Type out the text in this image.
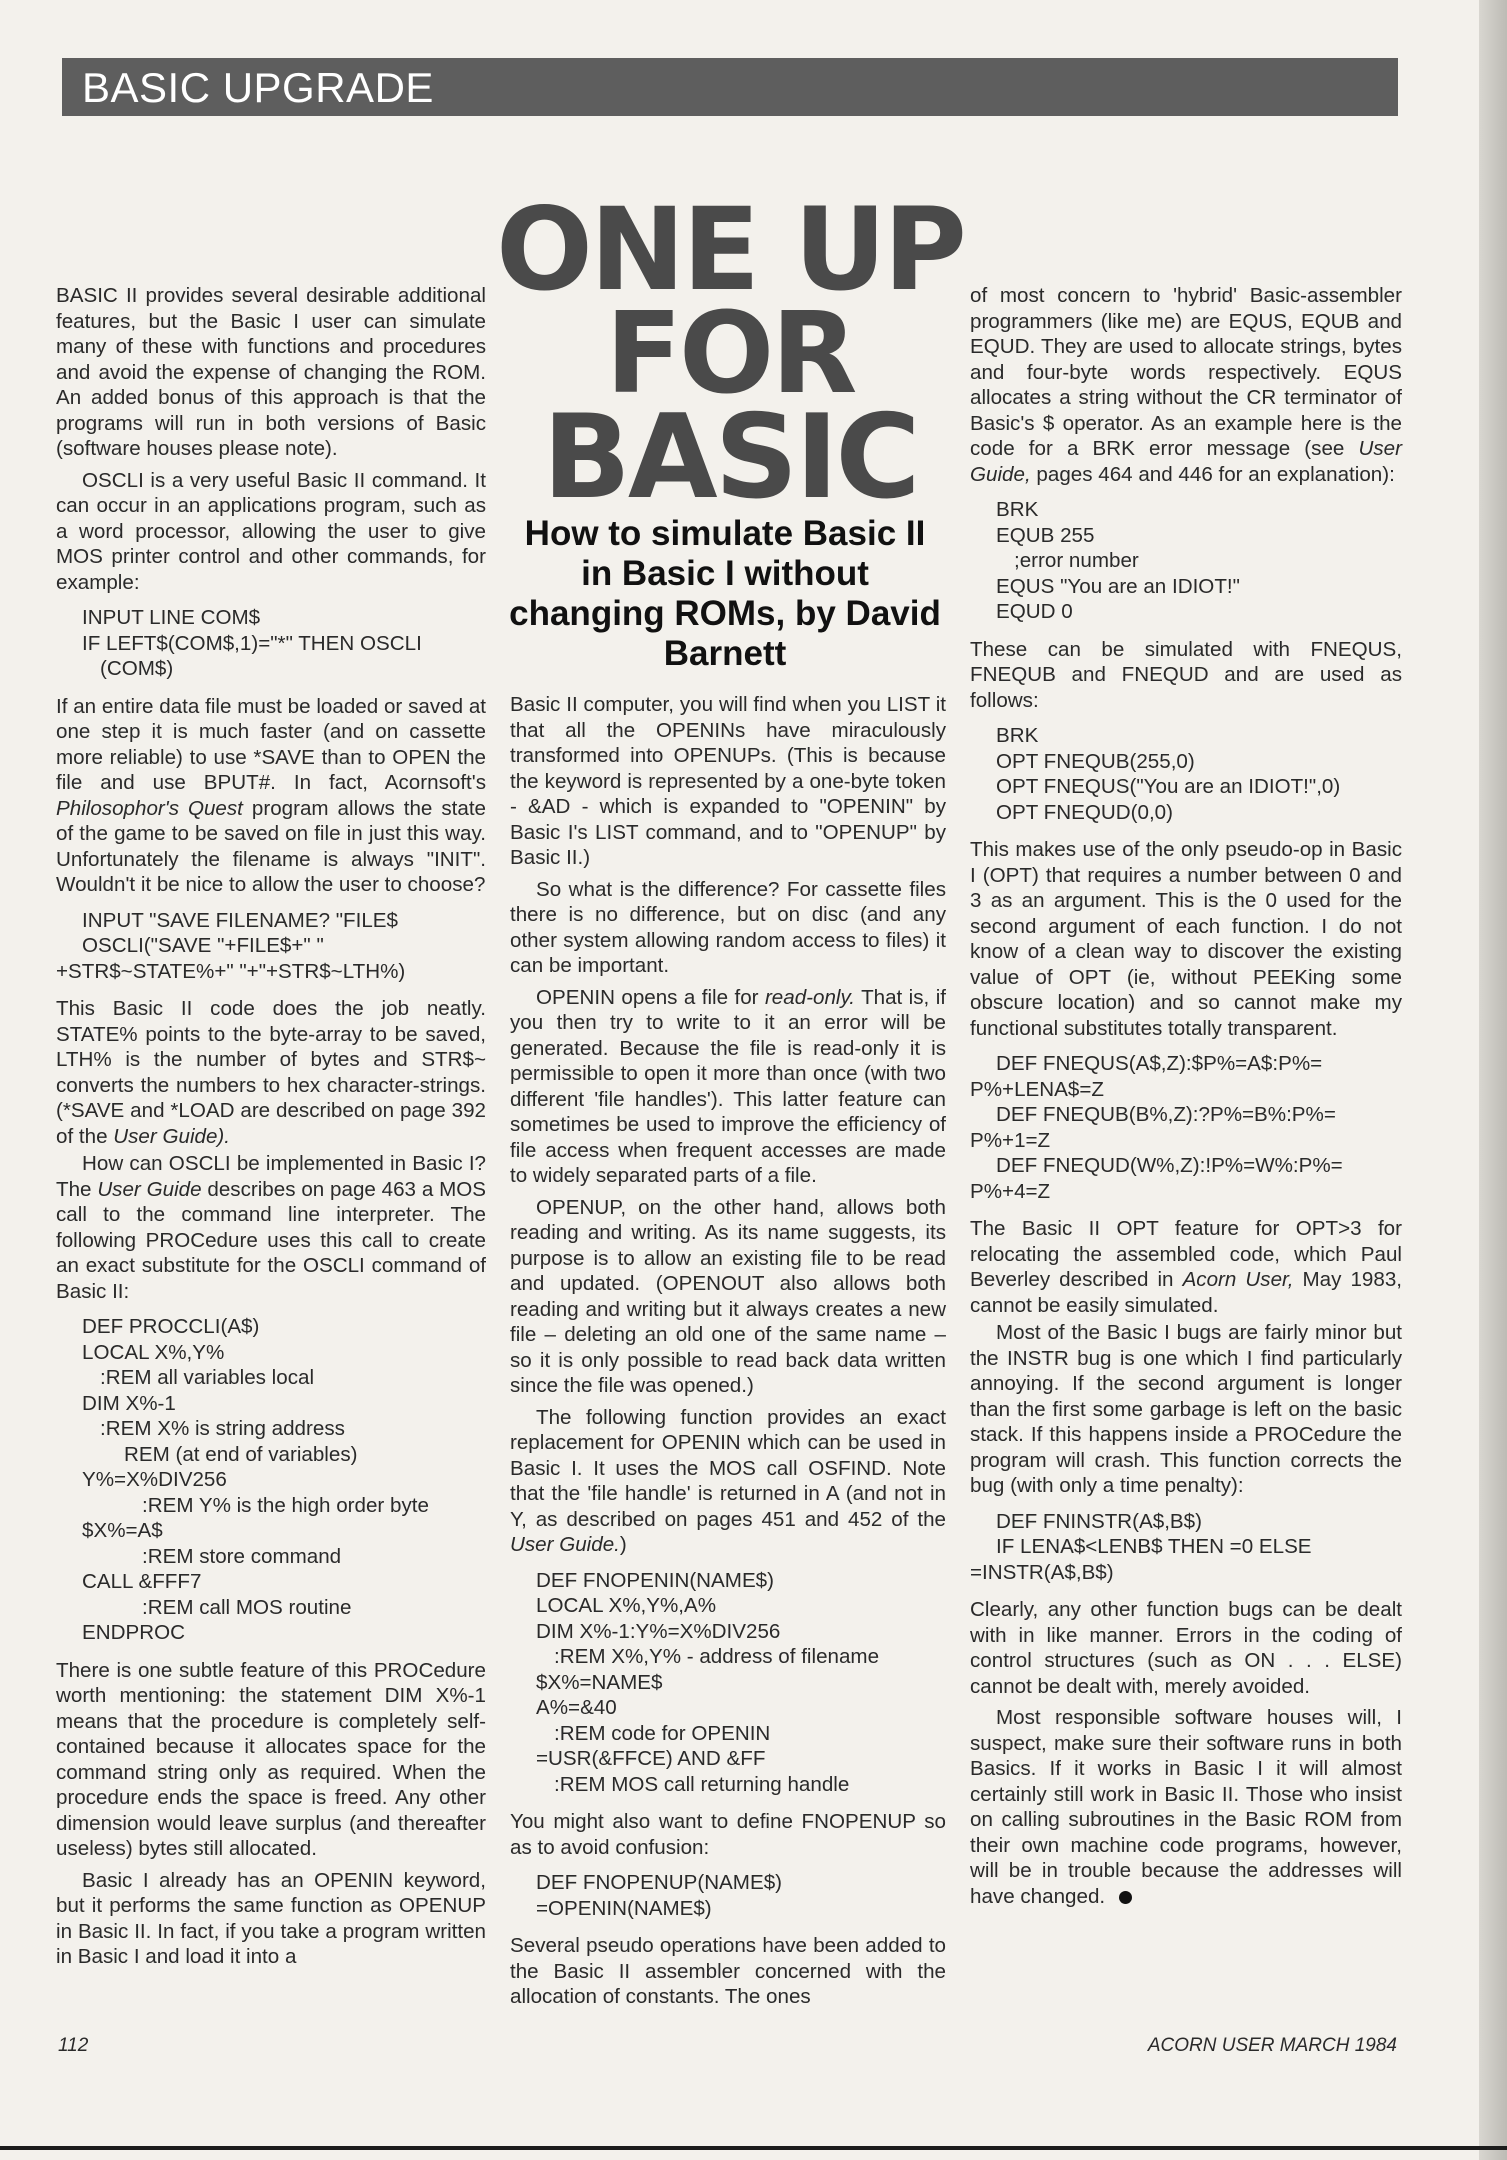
BASIC UPGRADE
ONE UP
FOR
BASIC
How to simulate Basic II in Basic I without changing ROMs, by David Barnett

BASIC II provides several desirable additional features, but the Basic I user can simulate many of these with functions and procedures and avoid the expense of changing the ROM. An added bonus of this approach is that the programs will run in both versions of Basic (software houses please note).

OSCLI is a very useful Basic II command. It can occur in an applications program, such as a word processor, allowing the user to give MOS printer control and other commands, for example:

INPUT LINE COM$
IF LEFT$(COM$,1)="*" THEN OSCLI
(COM$)

If an entire data file must be loaded or saved at one step it is much faster (and on cassette more reliable) to use *SAVE than to OPEN the file and use BPUT#. In fact, Acornsoft's Philosophor's Quest program allows the state of the game to be saved on file in just this way. Unfortunately the filename is always "INIT". Wouldn't it be nice to allow the user to choose?

INPUT "SAVE FILENAME? "FILE$
OSCLI("SAVE "+FILE$+" "
+STR$~STATE%+" "+"+STR$~LTH%)

This Basic II code does the job neatly. STATE% points to the byte-array to be saved, LTH% is the number of bytes and STR$~ converts the numbers to hex character-strings. (*SAVE and *LOAD are described on page 392 of the User Guide).

How can OSCLI be implemented in Basic I? The User Guide describes on page 463 a MOS call to the command line interpreter. The following PROCedure uses this call to create an exact substitute for the OSCLI command of Basic II:

DEF PROCCLI(A$)
LOCAL X%,Y%
:REM all variables local
DIM X%-1
:REM X% is string address
REM (at end of variables)
Y%=X%DIV256
:REM Y% is the high order byte
$X%=A$
:REM store command
CALL &FFF7
:REM call MOS routine
ENDPROC

There is one subtle feature of this PROCedure worth mentioning: the statement DIM X%-1 means that the procedure is completely self-contained because it allocates space for the command string only as required. When the procedure ends the space is freed. Any other dimension would leave surplus (and thereafter useless) bytes still allocated.

Basic I already has an OPENIN keyword, but it performs the same function as OPENUP in Basic II. In fact, if you take a program written in Basic I and load it into a

Basic II computer, you will find when you LIST it that all the OPENINs have miraculously transformed into OPENUPs. (This is because the keyword is represented by a one-byte token - &AD - which is expanded to "OPENIN" by Basic I's LIST command, and to "OPENUP" by Basic II.)

So what is the difference? For cassette files there is no difference, but on disc (and any other system allowing random access to files) it can be important.

OPENIN opens a file for read-only. That is, if you then try to write to it an error will be generated. Because the file is read-only it is permissible to open it more than once (with two different 'file handles'). This latter feature can sometimes be used to improve the efficiency of file access when frequent accesses are made to widely separated parts of a file.

OPENUP, on the other hand, allows both reading and writing. As its name suggests, its purpose is to allow an existing file to be read and updated. (OPENOUT also allows both reading and writing but it always creates a new file – deleting an old one of the same name – so it is only possible to read back data written since the file was opened.)

The following function provides an exact replacement for OPENIN which can be used in Basic I. It uses the MOS call OSFIND. Note that the 'file handle' is returned in A (and not in Y, as described on pages 451 and 452 of the User Guide.)

DEF FNOPENIN(NAME$)
LOCAL X%,Y%,A%
DIM X%-1:Y%=X%DIV256
:REM X%,Y% - address of filename
$X%=NAME$
A%=&40
:REM code for OPENIN
=USR(&FFCE) AND &FF
:REM MOS call returning handle

You might also want to define FNOPENUP so as to avoid confusion:

DEF FNOPENUP(NAME$)
=OPENIN(NAME$)

Several pseudo operations have been added to the Basic II assembler concerned with the allocation of constants. The ones

of most concern to 'hybrid' Basic-assembler programmers (like me) are EQUS, EQUB and EQUD. They are used to allocate strings, bytes and four-byte words respectively. EQUS allocates a string without the CR terminator of Basic's $ operator. As an example here is the code for a BRK error message (see User Guide, pages 464 and 446 for an explanation):

BRK
EQUB 255
;error number
EQUS "You are an IDIOT!"
EQUD 0

These can be simulated with FNEQUS, FNEQUB and FNEQUD and are used as follows:

BRK
OPT FNEQUB(255,0)
OPT FNEQUS("You are an IDIOT!",0)
OPT FNEQUD(0,0)

This makes use of the only pseudo-op in Basic I (OPT) that requires a number between 0 and 3 as an argument. This is the 0 used for the second argument of each function. I do not know of a clean way to discover the existing value of OPT (ie, without PEEKing some obscure location) and so cannot make my functional substitutes totally transparent.

DEF FNEQUS(A$,Z):$P%=A$:P%=
P%+LENA$=Z
DEF FNEQUB(B%,Z):?P%=B%:P%=
P%+1=Z
DEF FNEQUD(W%,Z):!P%=W%:P%=
P%+4=Z

The Basic II OPT feature for OPT>3 for relocating the assembled code, which Paul Beverley described in Acorn User, May 1983, cannot be easily simulated.

Most of the Basic I bugs are fairly minor but the INSTR bug is one which I find particularly annoying. If the second argument is longer than the first some garbage is left on the basic stack. If this happens inside a PROCedure the program will crash. This function corrects the bug (with only a time penalty):

DEF FNINSTR(A$,B$)
IF LENA$<LENB$ THEN =0 ELSE
=INSTR(A$,B$)

Clearly, any other function bugs can be dealt with in like manner. Errors in the coding of control structures (such as ON . . . ELSE) cannot be dealt with, merely avoided.

Most responsible software houses will, I suspect, make sure their software runs in both Basics. If it works in Basic I it will almost certainly still work in Basic II. Those who insist on calling subroutines in the Basic ROM from their own machine code programs, however, will be in trouble because the addresses will have changed.

112	ACORN USER MARCH 1984
